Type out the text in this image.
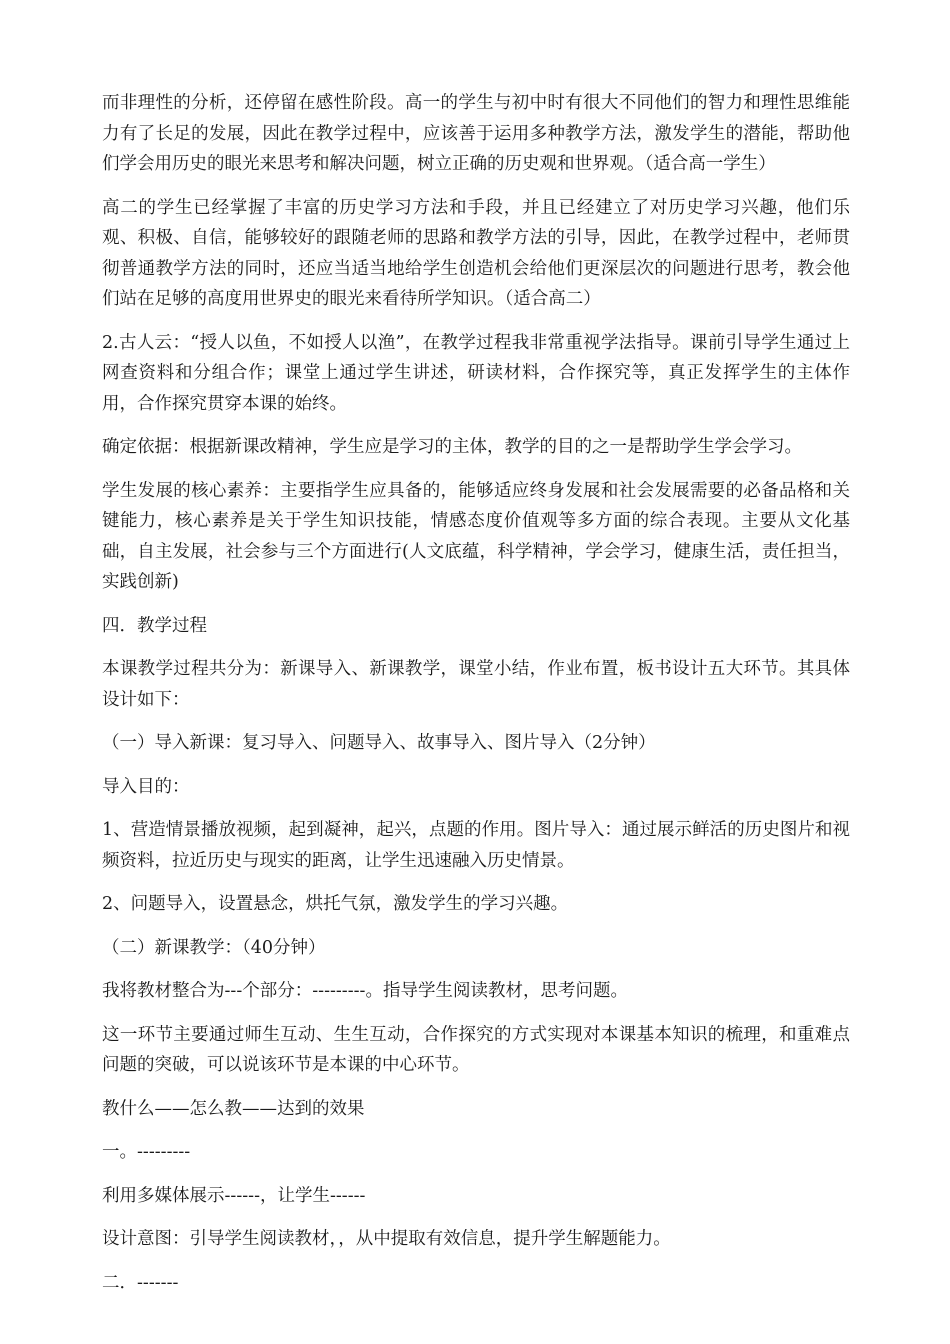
而非理性的分析，还停留在感性阶段。高一的学生与初中时有很大不同他们的智力和理性思维能力有了长足的发展，因此在教学过程中，应该善于运用多种教学方法，激发学生的潜能，帮助他们学会用历史的眼光来思考和解决问题，树立正确的历史观和世界观。（适合高一学生）

高二的学生已经掌握了丰富的历史学习方法和手段，并且已经建立了对历史学习兴趣，他们乐观、积极、自信，能够较好的跟随老师的思路和教学方法的引导，因此，在教学过程中，老师贯彻普通教学方法的同时，还应当适当地给学生创造机会给他们更深层次的问题进行思考，教会他们站在足够的高度用世界史的眼光来看待所学知识。（适合高二）

2.古人云：“授人以鱼，不如授人以渔”，在教学过程我非常重视学法指导。课前引导学生通过上网查资料和分组合作；课堂上通过学生讲述，研读材料，合作探究等，真正发挥学生的主体作用，合作探究贯穿本课的始终。

确定依据：根据新课改精神，学生应是学习的主体，教学的目的之一是帮助学生学会学习。

学生发展的核心素养：主要指学生应具备的，能够适应终身发展和社会发展需要的必备品格和关键能力，核心素养是关于学生知识技能，情感态度价值观等多方面的综合表现。主要从文化基础，自主发展，社会参与三个方面进行(人文底蕴，科学精神，学会学习，健康生活，责任担当，实践创新)

四．教学过程

本课教学过程共分为：新课导入、新课教学，课堂小结，作业布置，板书设计五大环节。其具体设计如下：

（一）导入新课：复习导入、问题导入、故事导入、图片导入（2分钟）

导入目的：

1、营造情景播放视频，起到凝神，起兴，点题的作用。图片导入：通过展示鲜活的历史图片和视频资料，拉近历史与现实的距离，让学生迅速融入历史情景。

2、问题导入，设置悬念，烘托气氛，激发学生的学习兴趣。

（二）新课教学：（40分钟）

我将教材整合为---个部分：---------。指导学生阅读教材，思考问题。

这一环节主要通过师生互动、生生互动，合作探究的方式实现对本课基本知识的梳理，和重难点问题的突破，可以说该环节是本课的中心环节。

教什么——怎么教——达到的效果

一。---------

利用多媒体展示------，让学生------

设计意图：引导学生阅读教材，，从中提取有效信息，提升学生解题能力。

二．-------
